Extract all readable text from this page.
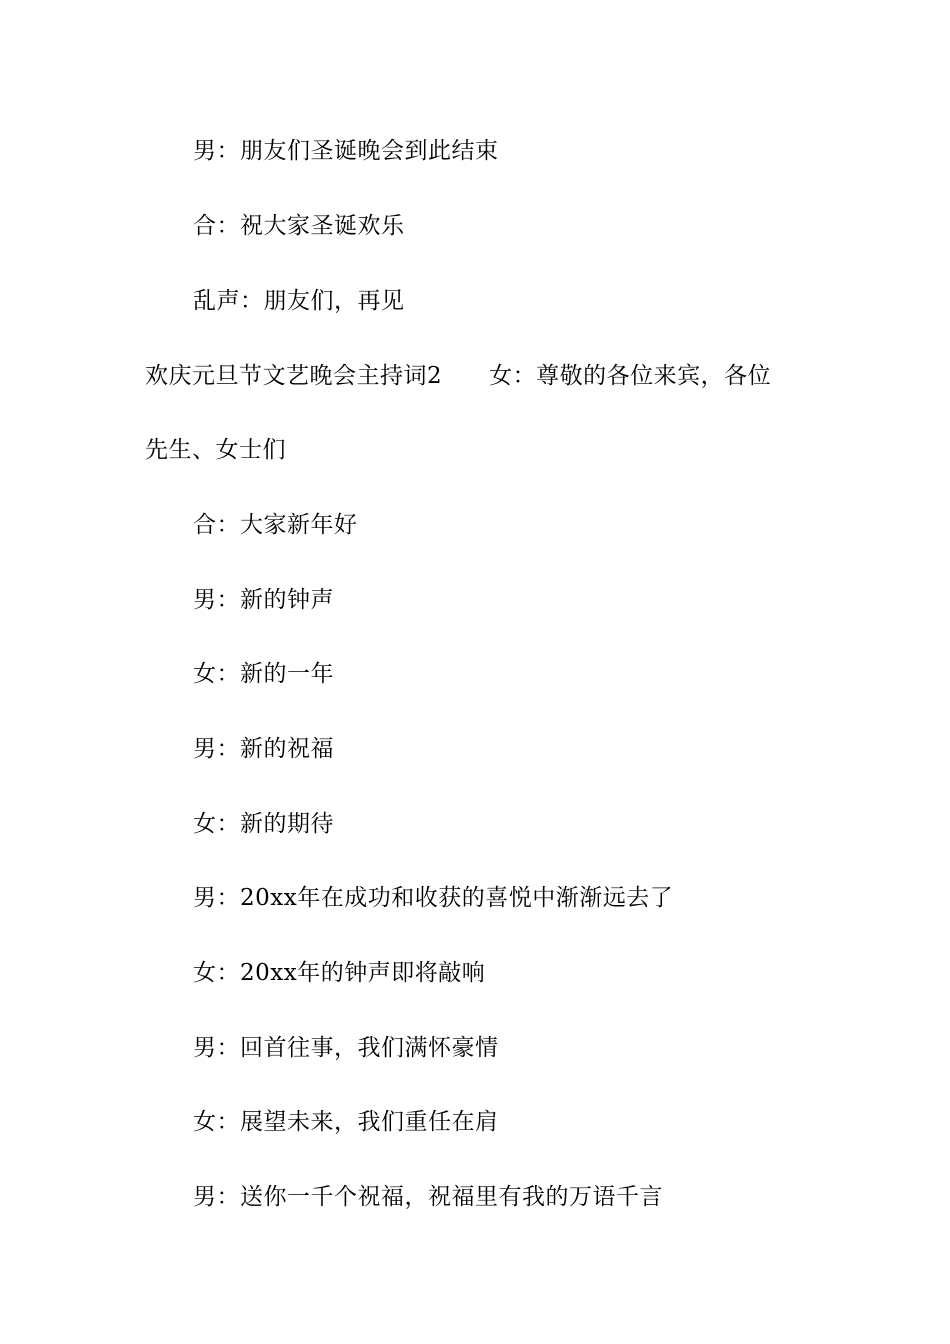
男：朋友们圣诞晚会到此结束
合：祝大家圣诞欢乐
乱声：朋友们，再见
欢庆元旦节文艺晚会主持词2　　女：尊敬的各位来宾，各位
先生、女士们
合：大家新年好
男：新的钟声
女：新的一年
男：新的祝福
女：新的期待
男：20xx年在成功和收获的喜悦中渐渐远去了
女：20xx年的钟声即将敲响
男：回首往事，我们满怀豪情
女：展望未来，我们重任在肩
男：送你一千个祝福，祝福里有我的万语千言
